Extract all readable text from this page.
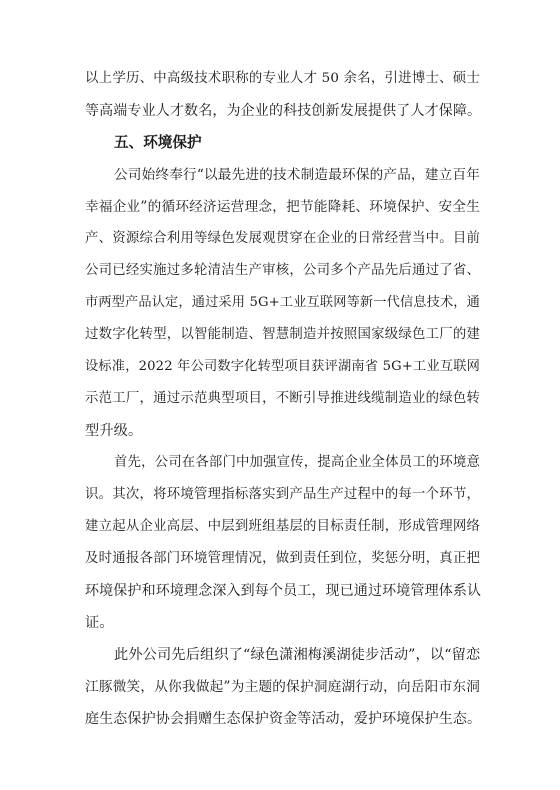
以上学历、中高级技术职称的专业人才 50 余名，引进博士、硕士
等高端专业人才数名，为企业的科技创新发展提供了人才保障。
五、环境保护
公司始终奉行“以最先进的技术制造最环保的产品，建立百年
幸福企业”的循环经济运营理念，把节能降耗、环境保护、安全生
产、资源综合利用等绿色发展观贯穿在企业的日常经营当中。目前
公司已经实施过多轮清洁生产审核，公司多个产品先后通过了省、
市两型产品认定，通过采用 5G+工业互联网等新一代信息技术，通
过数字化转型，以智能制造、智慧制造并按照国家级绿色工厂的建
设标准，2022 年公司数字化转型项目获评湖南省 5G+工业互联网
示范工厂，通过示范典型项目，不断引导推进线缆制造业的绿色转
型升级。
首先，公司在各部门中加强宣传，提高企业全体员工的环境意
识。其次，将环境管理指标落实到产品生产过程中的每一个环节，
建立起从企业高层、中层到班组基层的目标责任制，形成管理网络
及时通报各部门环境管理情况，做到责任到位，奖惩分明，真正把
环境保护和环境理念深入到每个员工，现已通过环境管理体系认
证。
此外公司先后组织了“绿色潇湘梅溪湖徒步活动”，以“留恋
江豚微笑，从你我做起”为主题的保护洞庭湖行动，向岳阳市东洞
庭生态保护协会捐赠生态保护资金等活动，爱护环境保护生态。
